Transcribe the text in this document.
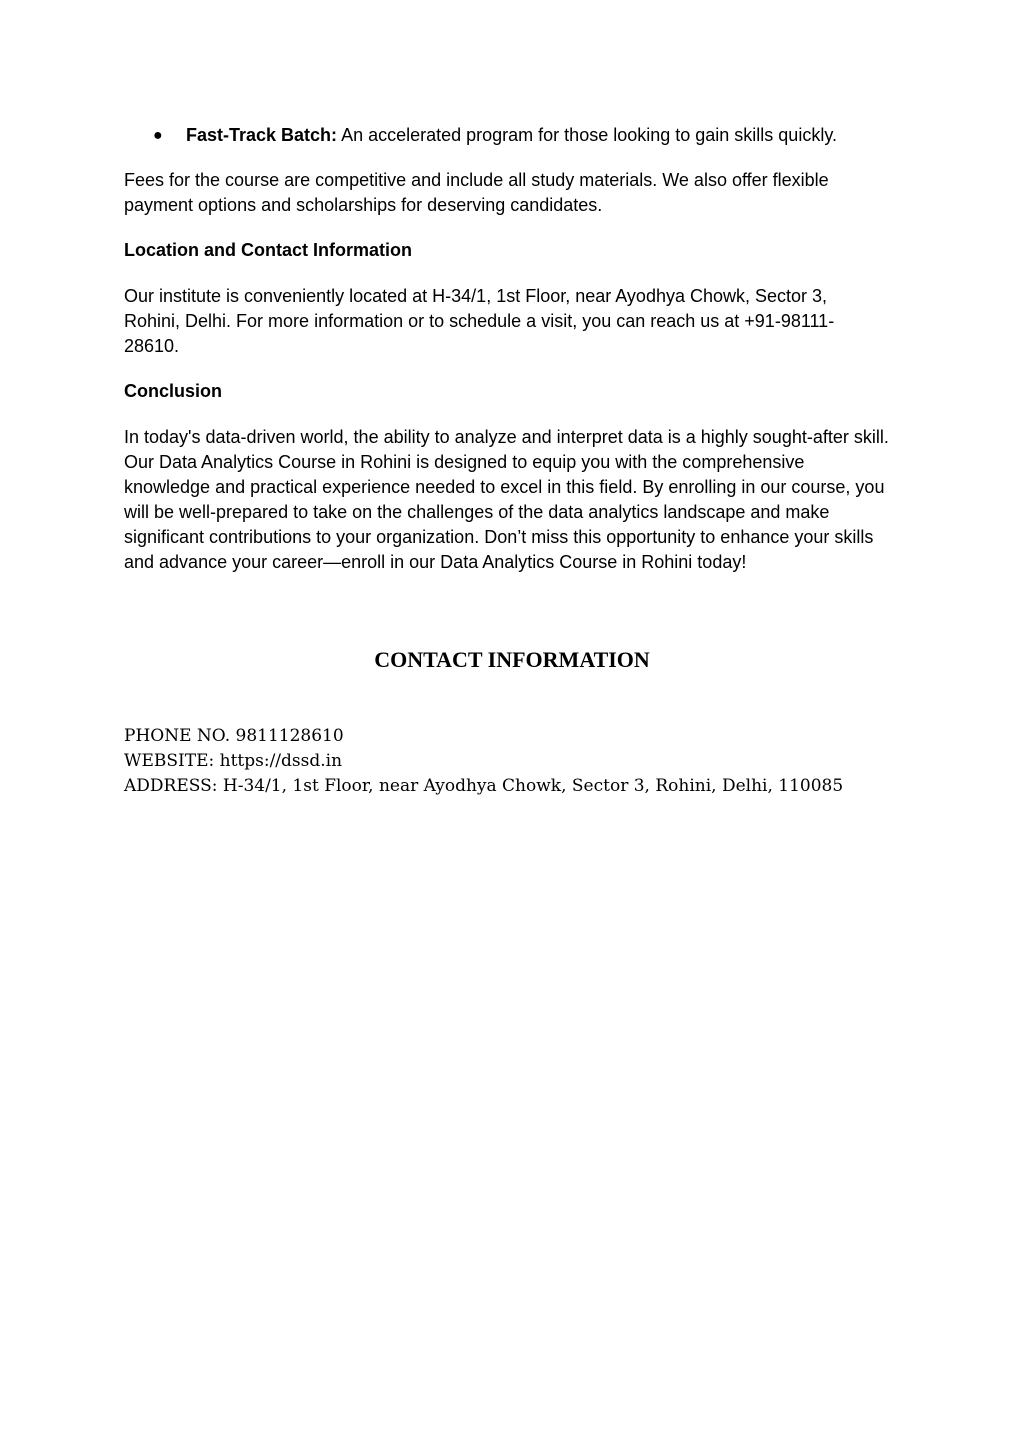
●	Fast-Track Batch: An accelerated program for those looking to gain skills quickly.

Fees for the course are competitive and include all study materials. We also offer flexible payment options and scholarships for deserving candidates.

Location and Contact Information

Our institute is conveniently located at H-34/1, 1st Floor, near Ayodhya Chowk, Sector 3, Rohini, Delhi. For more information or to schedule a visit, you can reach us at +91-98111-28610.

Conclusion

In today's data-driven world, the ability to analyze and interpret data is a highly sought-after skill. Our Data Analytics Course in Rohini is designed to equip you with the comprehensive knowledge and practical experience needed to excel in this field. By enrolling in our course, you will be well-prepared to take on the challenges of the data analytics landscape and make significant contributions to your organization. Don’t miss this opportunity to enhance your skills and advance your career—enroll in our Data Analytics Course in Rohini today!

CONTACT INFORMATION
PHONE NO. 9811128610
WEBSITE: https://dssd.in
ADDRESS: H-34/1, 1st Floor, near Ayodhya Chowk, Sector 3, Rohini, Delhi, 110085
